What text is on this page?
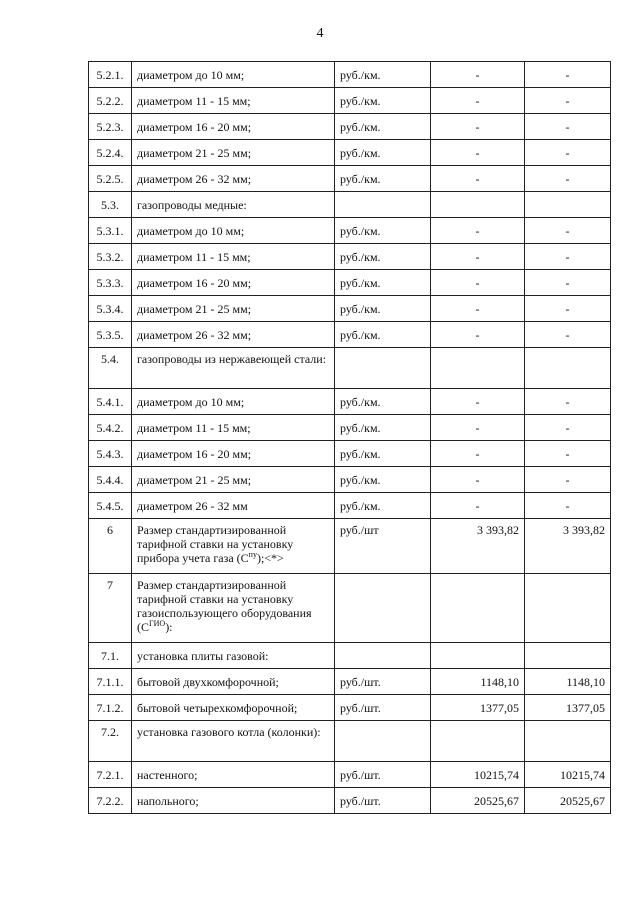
4
5.2.1.	диаметром до 10 мм;	руб./км.	-	-
5.2.2.	диаметром 11 - 15 мм;	руб./км.	-	-
5.2.3.	диаметром 16 - 20 мм;	руб./км.	-	-
5.2.4.	диаметром 21 - 25 мм;	руб./км.	-	-
5.2.5.	диаметром 26 - 32 мм;	руб./км.	-	-
5.3.	газопроводы медные:			
5.3.1.	диаметром до 10 мм;	руб./км.	-	-
5.3.2.	диаметром 11 - 15 мм;	руб./км.	-	-
5.3.3.	диаметром 16 - 20 мм;	руб./км.	-	-
5.3.4.	диаметром 21 - 25 мм;	руб./км.	-	-
5.3.5.	диаметром 26 - 32 мм;	руб./км.	-	-
5.4.	газопроводы из нержавеющей стали:			
5.4.1.	диаметром до 10 мм;	руб./км.	-	-
5.4.2.	диаметром 11 - 15 мм;	руб./км.	-	-
5.4.3.	диаметром 16 - 20 мм;	руб./км.	-	-
5.4.4.	диаметром 21 - 25 мм;	руб./км.	-	-
5.4.5.	диаметром 26 - 32 мм	руб./км.	-	-
6	Размер стандартизированной тарифной ставки на установку прибора учета газа $(С^{пу});<*>$	руб./шт	3 393,82	3 393,82
7	Размер стандартизированной тарифной ставки на установку газоиспользующего оборудования $(С^{ГИО})$:			
7.1.	установка плиты газовой:			
7.1.1.	бытовой двухкомфорочной;	руб./шт.	1148,10	1148,10
7.1.2.	бытовой четырехкомфорочной;	руб./шт.	1377,05	1377,05
7.2.	установка газового котла (колонки):			
7.2.1.	настенного;	руб./шт.	10215,74	10215,74
7.2.2.	напольного;	руб./шт.	20525,67	20525,67
